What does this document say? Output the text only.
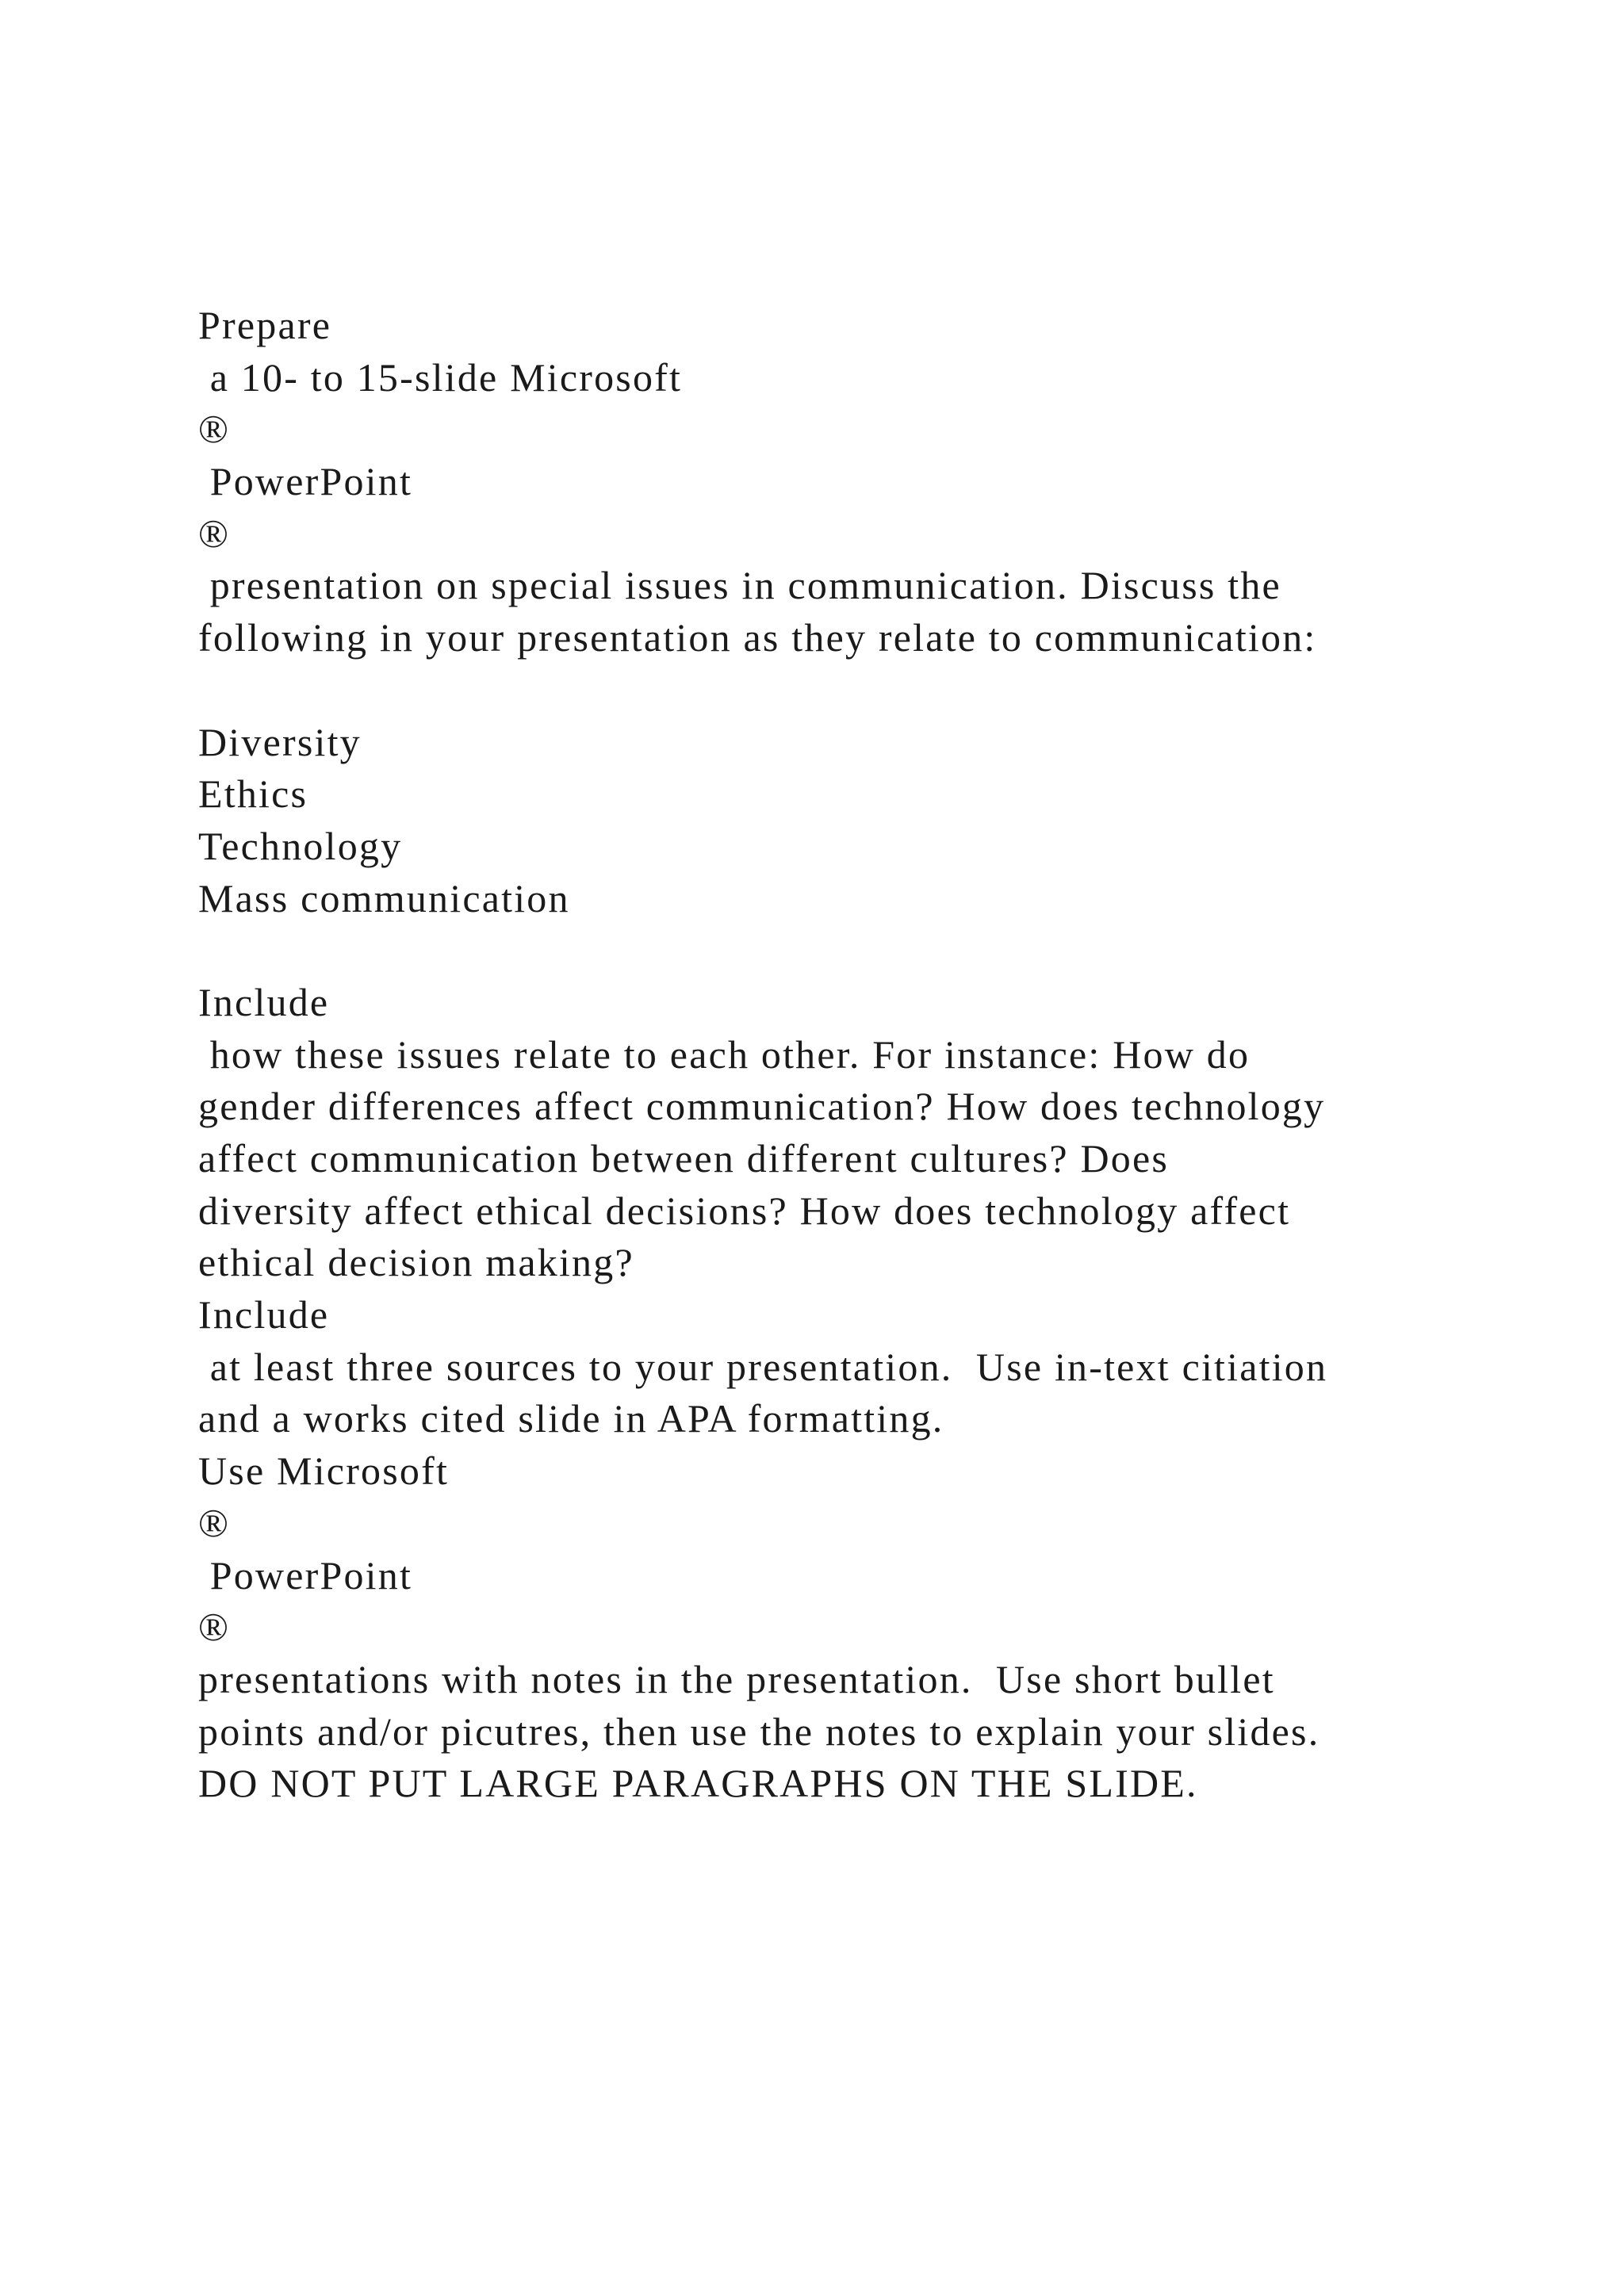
Prepare
a 10- to 15-slide Microsoft
®
PowerPoint
®
presentation on special issues in communication. Discuss the
following in your presentation as they relate to communication:
Diversity
Ethics
Technology
Mass communication
Include
how these issues relate to each other. For instance: How do
gender differences affect communication? How does technology
affect communication between different cultures? Does
diversity affect ethical decisions? How does technology affect
ethical decision making?
Include
at least three sources to your presentation.  Use in-text citiation
and a works cited slide in APA formatting.
Use Microsoft
®
PowerPoint
®
presentations with notes in the presentation.  Use short bullet
points and/or picutres, then use the notes to explain your slides.
DO NOT PUT LARGE PARAGRAPHS ON THE SLIDE.
